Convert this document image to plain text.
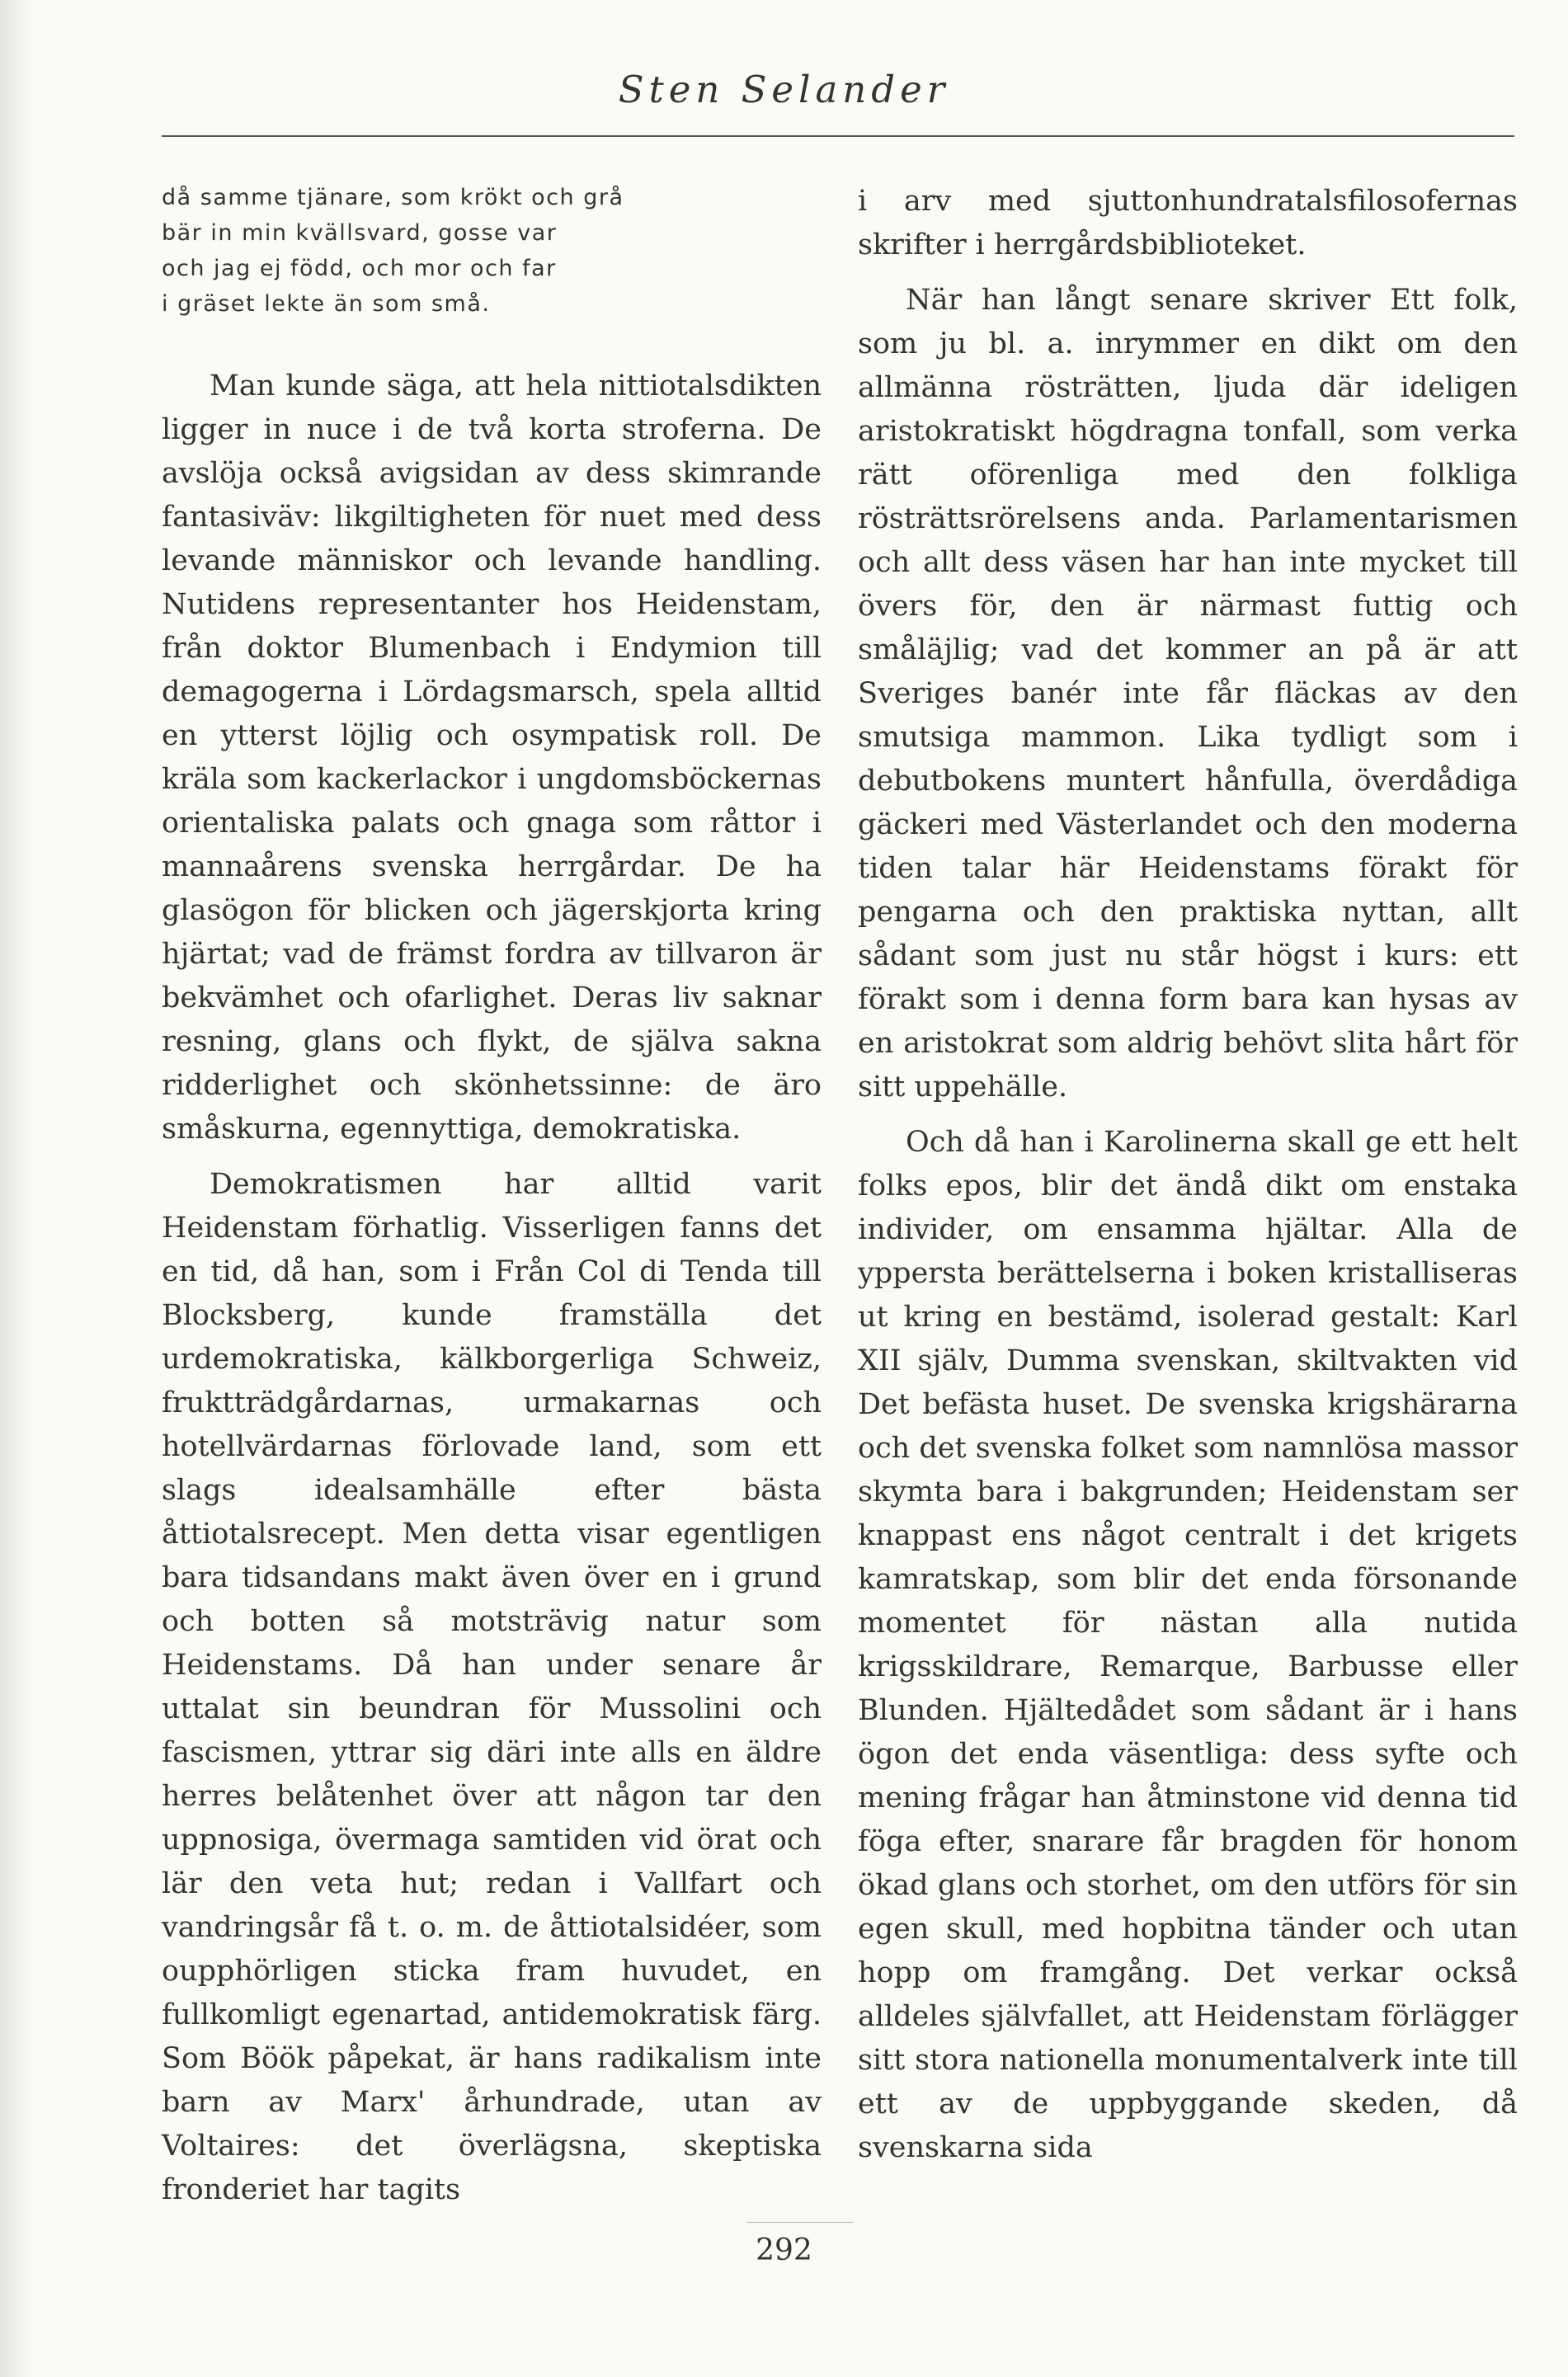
Sten Selander
då samme tjänare, som krökt och grå
bär in min kvällsvard, gosse var
och jag ej född, och mor och far
i gräset lekte än som små.

Man kunde säga, att hela nittiotalsdikten ligger in nuce i de två korta stroferna. De avslöja också avigsidan av dess skimrande fantasiväv: likgiltigheten för nuet med dess levande människor och levande handling. Nutidens representanter hos Heidenstam, från doktor Blumenbach i Endymion till demagogerna i Lördagsmarsch, spela alltid en ytterst löjlig och osympatisk roll. De kräla som kackerlackor i ungdomsböckernas orientaliska palats och gnaga som råttor i mannaårens svenska herrgårdar. De ha glasögon för blicken och jägerskjorta kring hjärtat; vad de främst fordra av tillvaron är bekvämhet och ofarlighet. Deras liv saknar resning, glans och flykt, de själva sakna ridderlighet och skönhetssinne: de äro småskurna, egennyttiga, demokratiska.

Demokratismen har alltid varit Heidenstam förhatlig. Visserligen fanns det en tid, då han, som i Från Col di Tenda till Blocksberg, kunde framställa det urdemokratiska, kälkborgerliga Schweiz, fruktträdgårdarnas, urmakarnas och hotellvärdarnas förlovade land, som ett slags idealsamhälle efter bästa åttiotalsrecept. Men detta visar egentligen bara tidsandans makt även över en i grund och botten så motsträvig natur som Heidenstams. Då han under senare år uttalat sin beundran för Mussolini och fascismen, yttrar sig däri inte alls en äldre herres belåtenhet över att någon tar den uppnosiga, övermaga samtiden vid örat och lär den veta hut; redan i Vallfart och vandringsår få t. o. m. de åttiotalsidéer, som oupphörligen sticka fram huvudet, en fullkomligt egenartad, antidemokratisk färg. Som Böök påpekat, är hans radikalism inte barn av Marx' århundrade, utan av Voltaires: det överlägsna, skeptiska fronderiet har tagits

i arv med sjuttonhundratalsfilosofernas skrifter i herrgårdsbiblioteket.

När han långt senare skriver Ett folk, som ju bl. a. inrymmer en dikt om den allmänna rösträtten, ljuda där ideligen aristokratiskt högdragna tonfall, som verka rätt oförenliga med den folkliga rösträttsrörelsens anda. Parlamentarismen och allt dess väsen har han inte mycket till övers för, den är närmast futtig och småläjlig; vad det kommer an på är att Sveriges banér inte får fläckas av den smutsiga mammon. Lika tydligt som i debutbokens muntert hånfulla, överdådiga gäckeri med Västerlandet och den moderna tiden talar här Heidenstams förakt för pengarna och den praktiska nyttan, allt sådant som just nu står högst i kurs: ett förakt som i denna form bara kan hysas av en aristokrat som aldrig behövt slita hårt för sitt uppehälle.

Och då han i Karolinerna skall ge ett helt folks epos, blir det ändå dikt om enstaka individer, om ensamma hjältar. Alla de yppersta berättelserna i boken kristalliseras ut kring en bestämd, isolerad gestalt: Karl XII själv, Dumma svenskan, skiltvakten vid Det befästa huset. De svenska krigshärarna och det svenska folket som namnlösa massor skymta bara i bakgrunden; Heidenstam ser knappast ens något centralt i det krigets kamratskap, som blir det enda försonande momentet för nästan alla nutida krigsskildrare, Remarque, Barbusse eller Blunden. Hjältedådet som sådant är i hans ögon det enda väsentliga: dess syfte och mening frågar han åtminstone vid denna tid föga efter, snarare får bragden för honom ökad glans och storhet, om den utförs för sin egen skull, med hopbitna tänder och utan hopp om framgång. Det verkar också alldeles självfallet, att Heidenstam förlägger sitt stora nationella monumentalverk inte till ett av de uppbyggande skeden, då svenskarna sida

292
